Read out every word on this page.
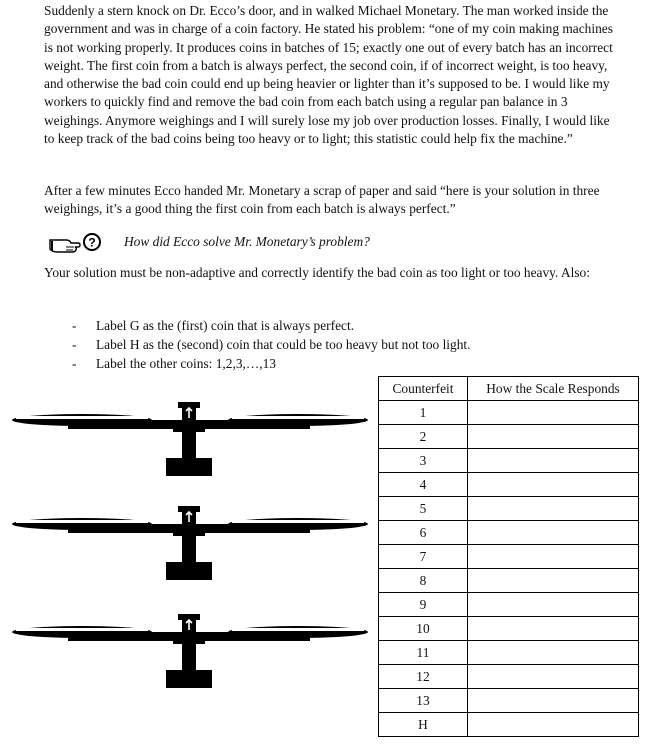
Suddenly a stern knock on Dr. Ecco’s door, and in walked Michael Monetary. The man worked inside the government and was in charge of a coin factory. He stated his problem: “one of my coin making machines is not working properly. It produces coins in batches of 15; exactly one out of every batch has an incorrect weight. The first coin from a batch is always perfect, the second coin, if of incorrect weight, is too heavy, and otherwise the bad coin could end up being heavier or lighter than it’s supposed to be. I would like my workers to quickly find and remove the bad coin from each batch using a regular pan balance in 3 weighings. Anymore weighings and I will surely lose my job over production losses. Finally, I would like to keep track of the bad coins being too heavy or to light; this statistic could help fix the machine.”

After a few minutes Ecco handed Mr. Monetary a scrap of paper and said “here is your solution in three weighings, it’s a good thing the first coin from each batch is always perfect.”

? How did Ecco solve Mr. Monetary’s problem?

Your solution must be non-adaptive and correctly identify the bad coin as too light or too heavy. Also:

- Label G as the (first) coin that is always perfect.
- Label H as the (second) coin that could be too heavy but not too light.
- Label the other coins: 1,2,3,…,13
Counterfeit	How the Scale Responds
1	
2	
3	
4	
5	
6	
7	
8	
9	
10	
11	
12	
13	
H	
